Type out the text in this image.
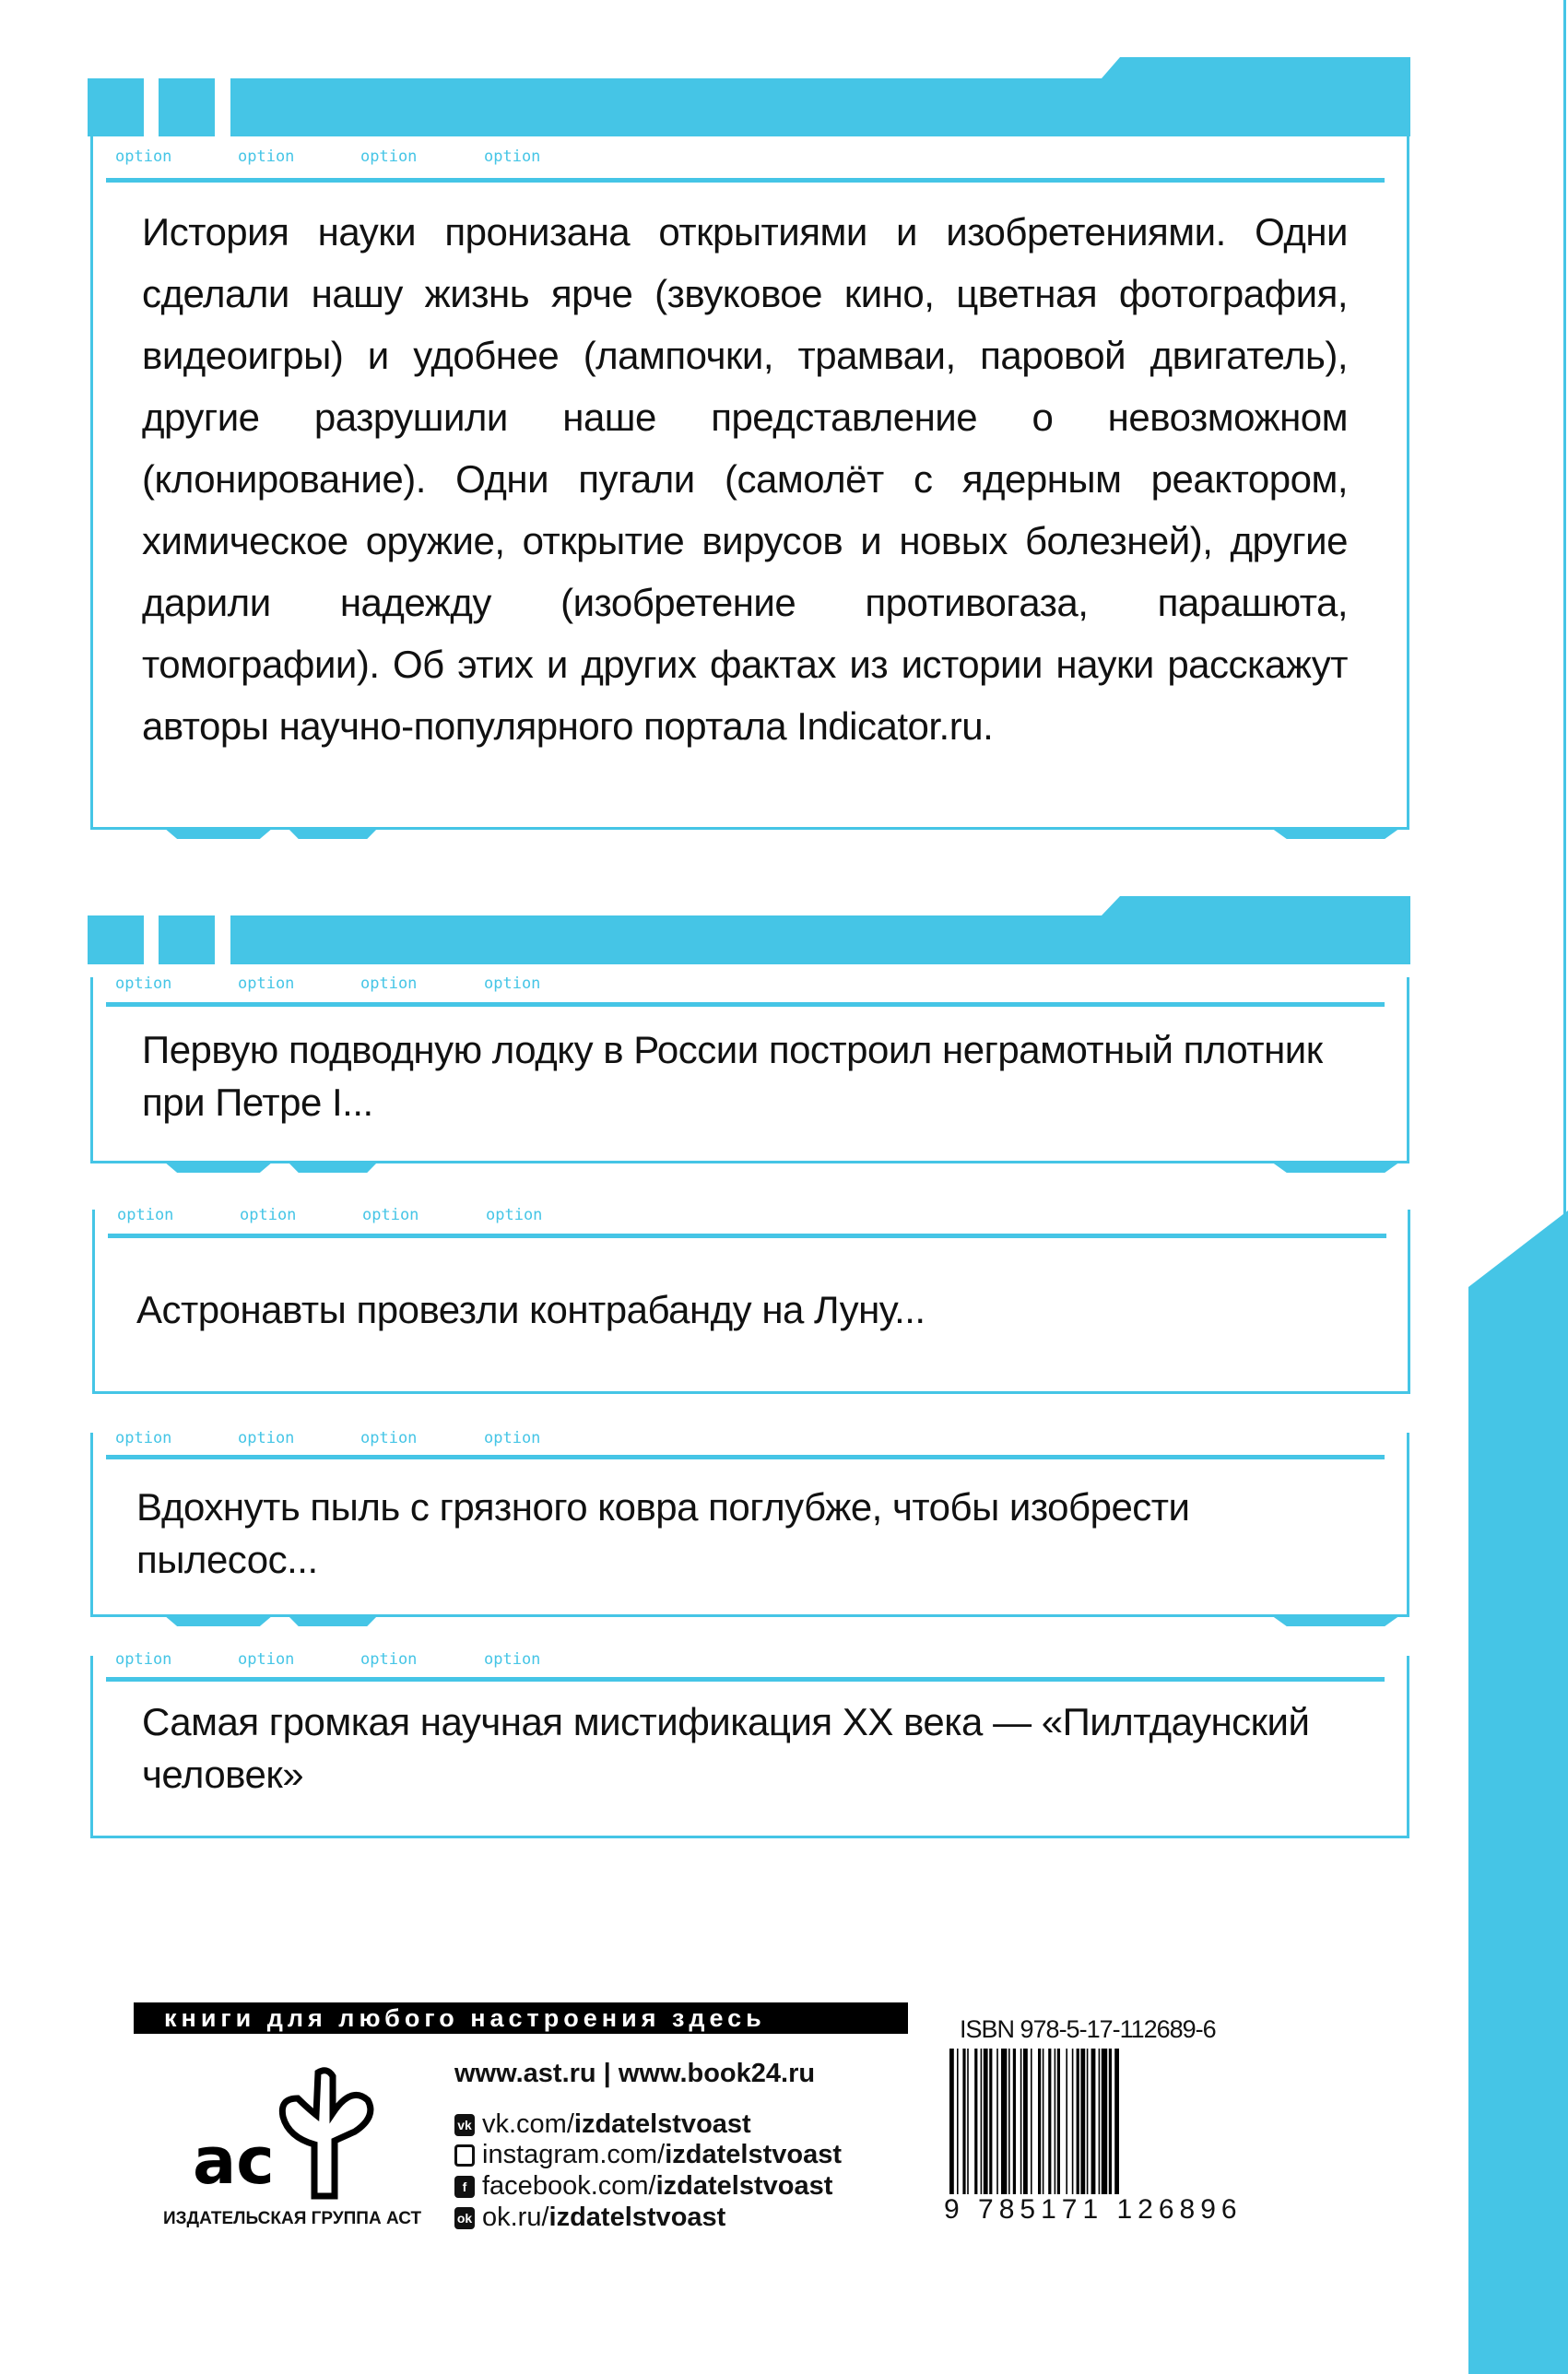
option	option	option	option
История науки пронизана открытиями и изобретениями. Одни сделали нашу жизнь ярче (звуковое кино, цветная фотография, видеоигры) и удобнее (лампочки, трамваи, паровой двигатель), другие разрушили наше представление о невозможном (клонирование). Одни пугали (самолёт с ядерным реактором, химическое оружие, открытие вирусов и новых болезней), другие дарили надежду (изобретение противогаза, парашюта, томографии). Об этих и других фактах из истории науки расскажут авторы научно-популярного портала Indicator.ru.
option	option	option	option
Первую подводную лодку в России построил неграмотный плотник при Петре I...
option	option	option	option
Астронавты провезли контрабанду на Луну...
option	option	option	option
Вдохнуть пыль с грязного ковра поглубже, чтобы изобрести пылесос...
option	option	option	option
Самая громкая научная мистификация XX века — «Пилтдаунский человек»
книги для любого настроения здесь
ac
ИЗДАТЕЛЬСКАЯ ГРУППА АСТ
www.ast.ru | www.book24.ru
vk vk.com/izdatelstvoast
◎ instagram.com/izdatelstvoast
f facebook.com/izdatelstvoast
ok ok.ru/izdatelstvoast
ISBN 978-5-17-112689-6
9 785171 126896
